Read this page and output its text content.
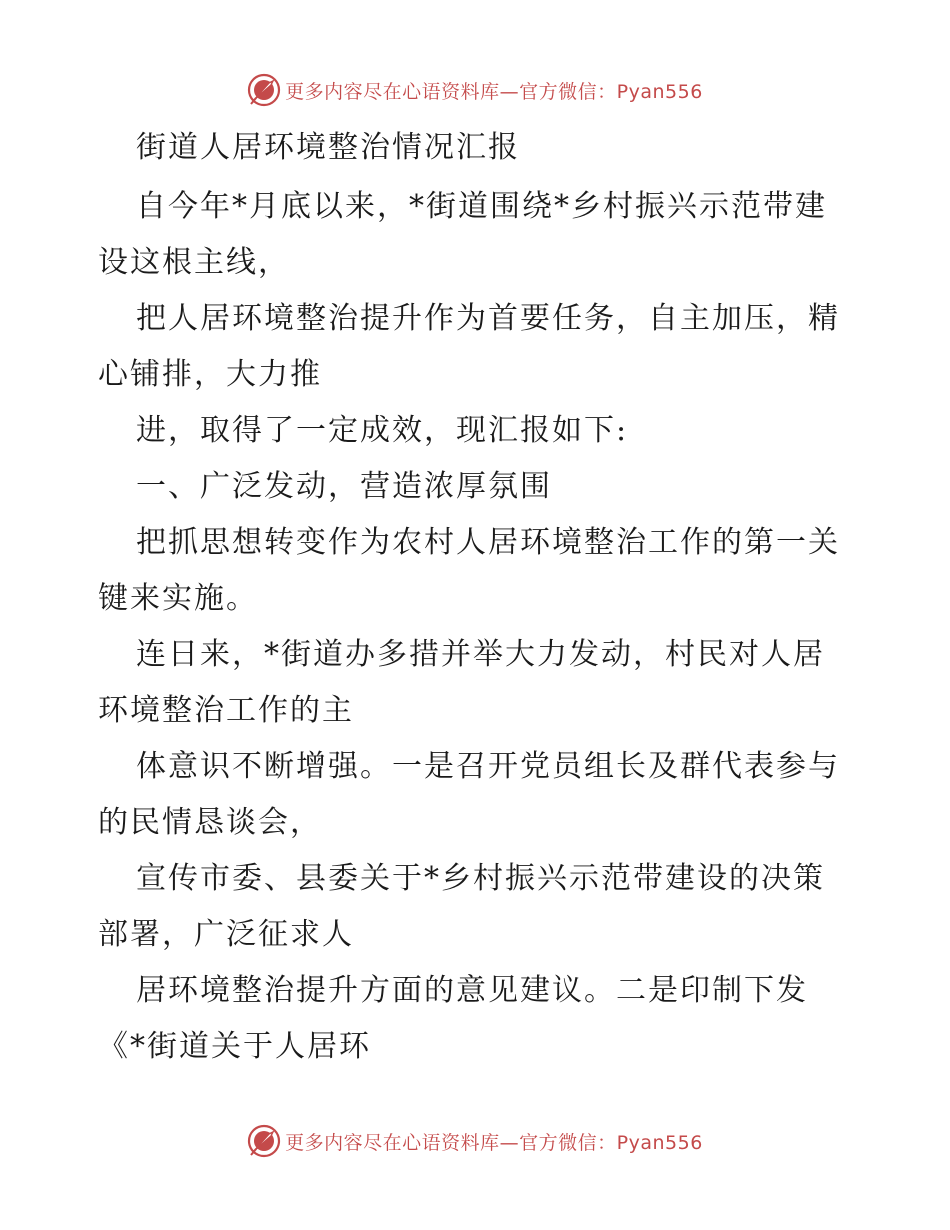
更多内容尽在心语资料库—官方微信：Pyan556

街道人居环境整治情况汇报

自今年*月底以来，*街道围绕*乡村振兴示范带建设这根主线，

把人居环境整治提升作为首要任务，自主加压，精心铺排，大力推

进，取得了一定成效，现汇报如下:

一、广泛发动，营造浓厚氛围

把抓思想转变作为农村人居环境整治工作的第一关键来实施。

连日来，*街道办多措并举大力发动，村民对人居环境整治工作的主

体意识不断增强。一是召开党员组长及群代表参与的民情恳谈会，

宣传市委、县委关于*乡村振兴示范带建设的决策部署，广泛征求人

居环境整治提升方面的意见建议。二是印制下发《*街道关于人居环

更多内容尽在心语资料库—官方微信：Pyan556
